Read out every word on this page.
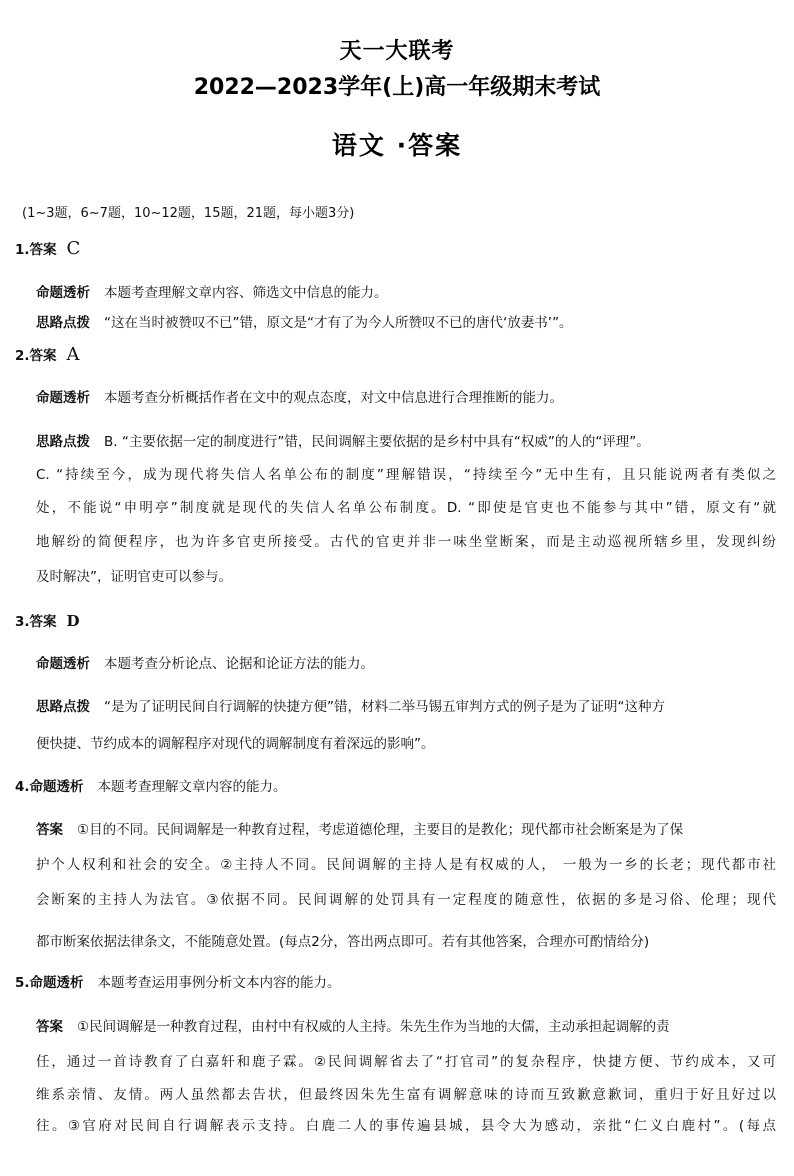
天一大联考
2022—2023学年(上)高一年级期末考试
语文 ·答案
(1~3题，6~7题，10~12题，15题，21题，每小题3分)
1.答案 C
命题透析 本题考查理解文章内容、筛选文中信息的能力。
思路点拨 “这在当时被赞叹不已”错，原文是“才有了为今人所赞叹不已的唐代‘放妻书’”。
2.答案 A
命题透析 本题考查分析概括作者在文中的观点态度，对文中信息进行合理推断的能力。
思路点拨 B. “主要依据一定的制度进行”错，民间调解主要依据的是乡村中具有“权威”的人的“评理”。
C. “持续至今，成为现代将失信人名单公布的制度”理解错误，“持续至今”无中生有，且只能说两者有类似之
处，不能说“申明亭”制度就是现代的失信人名单公布制度。D. “即使是官吏也不能参与其中”错，原文有“就
地解纷的简便程序，也为许多官吏所接受。古代的官吏并非一味坐堂断案，而是主动巡视所辖乡里，发现纠纷
及时解决”，证明官吏可以参与。
3.答案 D
命题透析 本题考查分析论点、论据和论证方法的能力。
思路点拨 “是为了证明民间自行调解的快捷方便”错，材料二举马锡五审判方式的例子是为了证明“这种方
便快捷、节约成本的调解程序对现代的调解制度有着深远的影响”。
4.命题透析 本题考查理解文章内容的能力。
答案 ①目的不同。民间调解是一种教育过程，考虑道德伦理，主要目的是教化；现代都市社会断案是为了保
护个人权利和社会的安全。②主持人不同。民间调解的主持人是有权威的人， 一般为一乡的长老；现代都市社
会断案的主持人为法官。③依据不同。民间调解的处罚具有一定程度的随意性，依据的多是习俗、伦理；现代
都市断案依据法律条文，不能随意处置。(每点2分，答出两点即可。若有其他答案，合理亦可酌情给分)
5.命题透析 本题考查运用事例分析文本内容的能力。
答案 ①民间调解是一种教育过程，由村中有权威的人主持。朱先生作为当地的大儒，主动承担起调解的责
任，通过一首诗教育了白嘉轩和鹿子霖。②民间调解省去了“打官司”的复杂程序，快捷方便、节约成本，又可
维系亲情、友情。两人虽然都去告状，但最终因朱先生富有调解意味的诗而互致歉意歉词，重归于好且好过以
往。③官府对民间自行调解表示支持。白鹿二人的事传遍县城，县令大为感动，亲批“仁义白鹿村”。(每点
